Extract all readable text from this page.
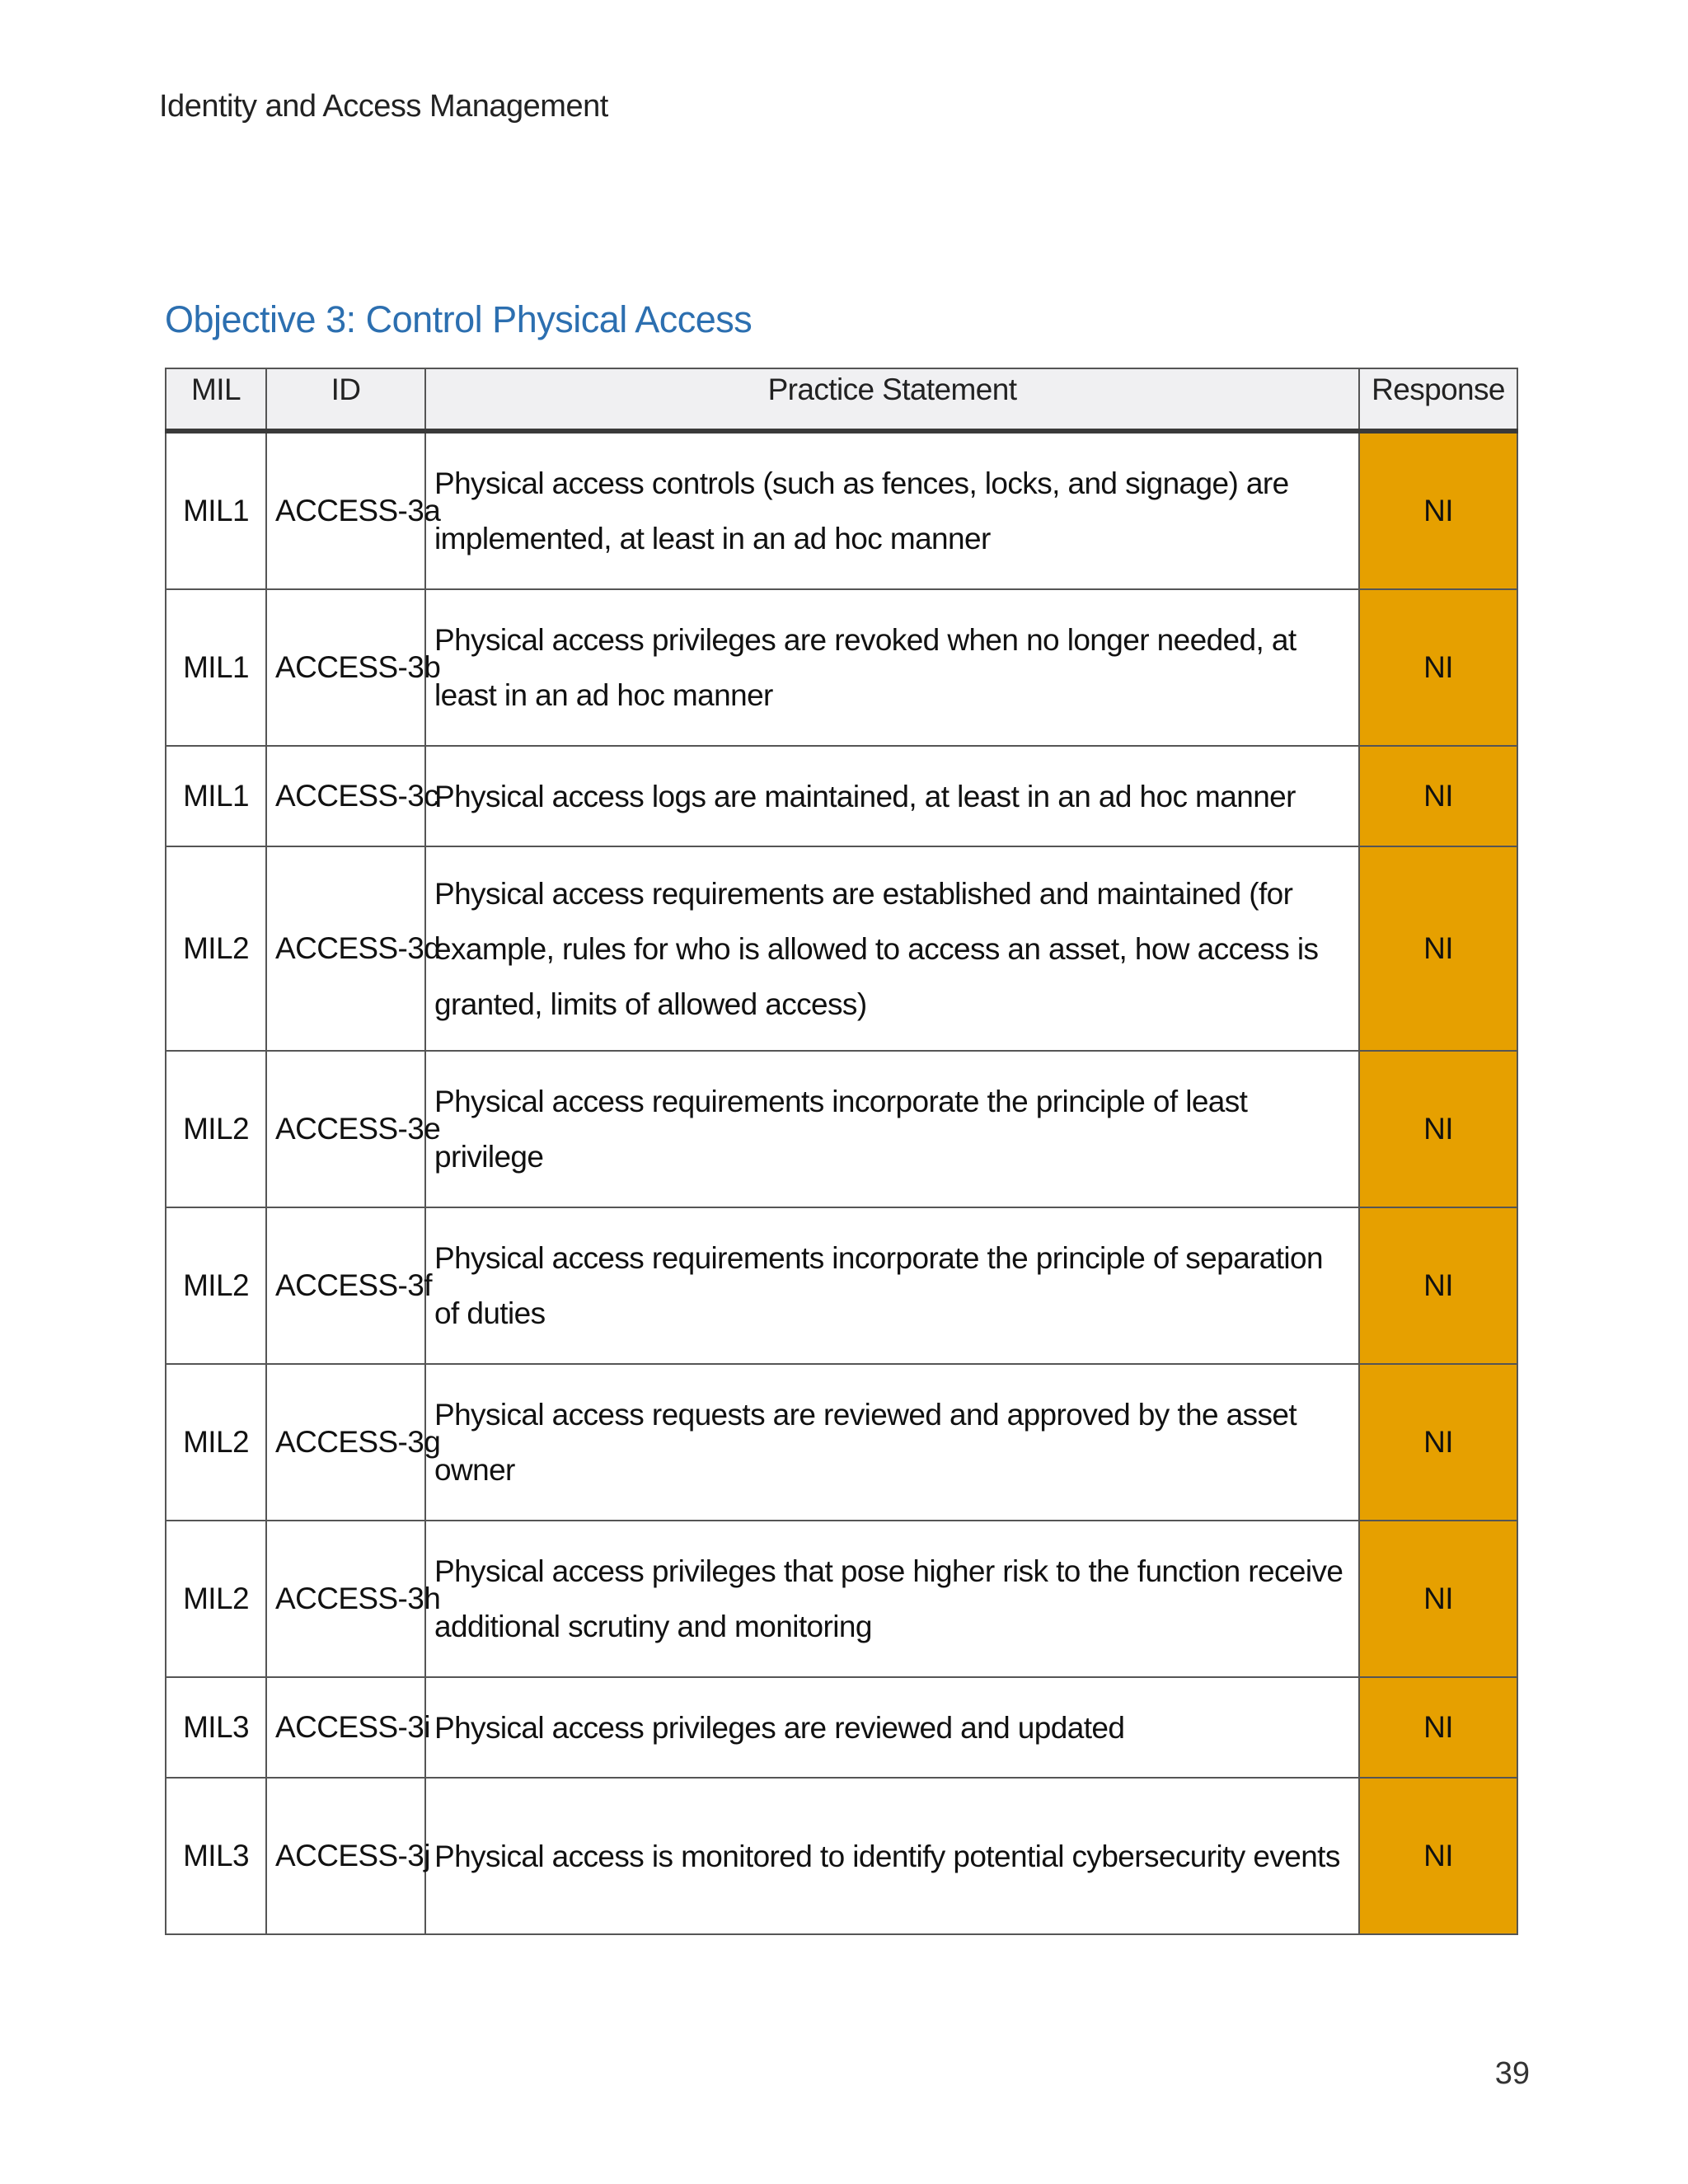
Identity and Access Management
Objective 3: Control Physical Access
MIL	ID	Practice Statement	Response
MIL1	ACCESS-3a	Physical access controls (such as fences, locks, and signage) are implemented, at least in an ad hoc manner	NI
MIL1	ACCESS-3b	Physical access privileges are revoked when no longer needed, at least in an ad hoc manner	NI
MIL1	ACCESS-3c	Physical access logs are maintained, at least in an ad hoc manner	NI
MIL2	ACCESS-3d	Physical access requirements are established and maintained (for example, rules for who is allowed to access an asset, how access is granted, limits of allowed access)	NI
MIL2	ACCESS-3e	Physical access requirements incorporate the principle of least privilege	NI
MIL2	ACCESS-3f	Physical access requirements incorporate the principle of separation of duties	NI
MIL2	ACCESS-3g	Physical access requests are reviewed and approved by the asset owner	NI
MIL2	ACCESS-3h	Physical access privileges that pose higher risk to the function receive additional scrutiny and monitoring	NI
MIL3	ACCESS-3i	Physical access privileges are reviewed and updated	NI
MIL3	ACCESS-3j	Physical access is monitored to identify potential cybersecurity events	NI
39
